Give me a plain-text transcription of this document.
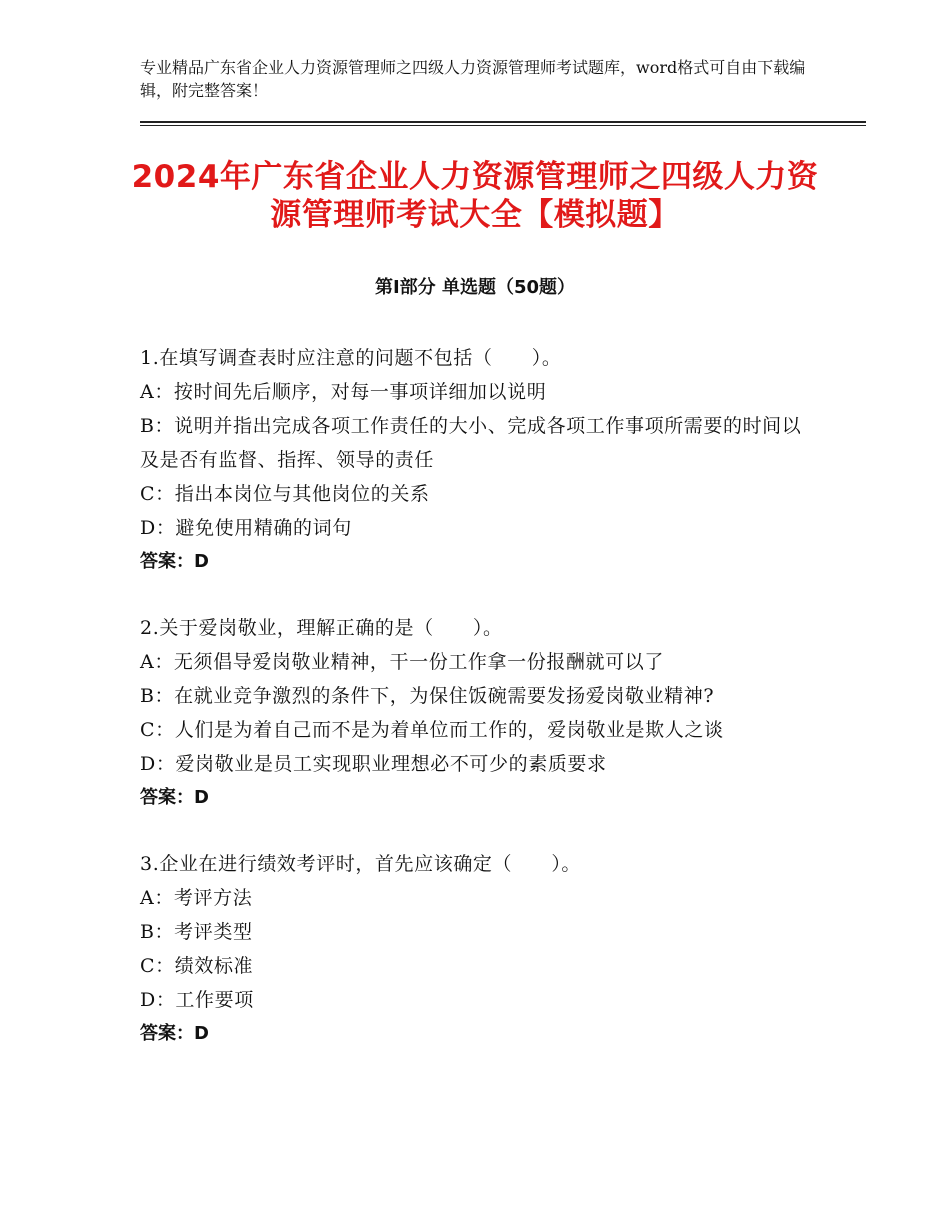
专业精品广东省企业人力资源管理师之四级人力资源管理师考试题库，word格式可自由下载编辑，附完整答案！
2024年广东省企业人力资源管理师之四级人力资源管理师考试大全【模拟题】
第Ⅰ部分 单选题（50题）
1.在填写调查表时应注意的问题不包括（　　）。
A：按时间先后顺序，对每一事项详细加以说明
B：说明并指出完成各项工作责任的大小、完成各项工作事项所需要的时间以及是否有监督、指挥、领导的责任
C：指出本岗位与其他岗位的关系
D：避免使用精确的词句
答案：D
2.关于爱岗敬业，理解正确的是（　　）。
A：无须倡导爱岗敬业精神，干一份工作拿一份报酬就可以了
B：在就业竞争激烈的条件下，为保住饭碗需要发扬爱岗敬业精神?
C：人们是为着自己而不是为着单位而工作的，爱岗敬业是欺人之谈
D：爱岗敬业是员工实现职业理想必不可少的素质要求
答案：D
3.企业在进行绩效考评时，首先应该确定（　　）。
A：考评方法
B：考评类型
C：绩效标准
D：工作要项
答案：D
